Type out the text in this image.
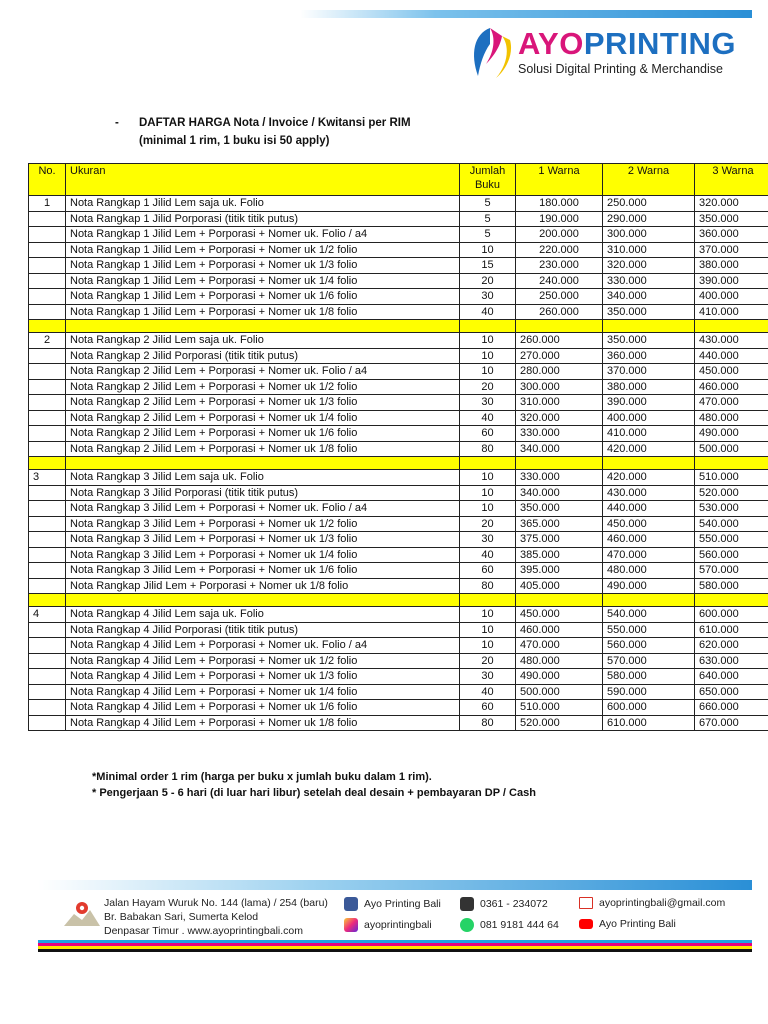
AYOPRINTING
Solusi Digital Printing & Merchandise
- DAFTAR HARGA Nota / Invoice / Kwitansi per RIM
(minimal 1 rim, 1 buku isi 50 apply)
No.	Ukuran	Jumlah Buku	1 Warna	2 Warna	3 Warna
1	Nota Rangkap 1 Jilid Lem saja uk. Folio	5	180.000	250.000	320.000
	Nota Rangkap 1 Jilid Porporasi (titik titik putus)	5	190.000	290.000	350.000
	Nota Rangkap 1 Jilid Lem + Porporasi + Nomer uk. Folio / a4	5	200.000	300.000	360.000
	Nota Rangkap 1 Jilid Lem + Porporasi + Nomer uk 1/2 folio	10	220.000	310.000	370.000
	Nota Rangkap 1 Jilid Lem + Porporasi + Nomer uk 1/3 folio	15	230.000	320.000	380.000
	Nota Rangkap 1 Jilid Lem + Porporasi + Nomer uk 1/4 folio	20	240.000	330.000	390.000
	Nota Rangkap 1 Jilid Lem + Porporasi + Nomer uk 1/6 folio	30	250.000	340.000	400.000
	Nota Rangkap 1 Jilid Lem + Porporasi + Nomer uk 1/8 folio	40	260.000	350.000	410.000

2	Nota Rangkap 2 Jilid Lem saja uk. Folio	10	260.000	350.000	430.000
	Nota Rangkap 2 Jilid Porporasi (titik titik putus)	10	270.000	360.000	440.000
	Nota Rangkap 2 Jilid Lem + Porporasi + Nomer uk. Folio / a4	10	280.000	370.000	450.000
	Nota Rangkap 2 Jilid Lem + Porporasi + Nomer uk 1/2 folio	20	300.000	380.000	460.000
	Nota Rangkap 2 Jilid Lem + Porporasi + Nomer uk 1/3 folio	30	310.000	390.000	470.000
	Nota Rangkap 2 Jilid Lem + Porporasi + Nomer uk 1/4 folio	40	320.000	400.000	480.000
	Nota Rangkap 2 Jilid Lem + Porporasi + Nomer uk 1/6 folio	60	330.000	410.000	490.000
	Nota Rangkap 2 Jilid Lem + Porporasi + Nomer uk 1/8 folio	80	340.000	420.000	500.000

3	Nota Rangkap 3 Jilid Lem saja uk. Folio	10	330.000	420.000	510.000
	Nota Rangkap 3 Jilid Porporasi (titik titik putus)	10	340.000	430.000	520.000
	Nota Rangkap 3 Jilid Lem + Porporasi + Nomer uk. Folio / a4	10	350.000	440.000	530.000
	Nota Rangkap 3 Jilid Lem + Porporasi + Nomer uk 1/2 folio	20	365.000	450.000	540.000
	Nota Rangkap 3 Jilid Lem + Porporasi + Nomer uk 1/3 folio	30	375.000	460.000	550.000
	Nota Rangkap 3 Jilid Lem + Porporasi + Nomer uk 1/4 folio	40	385.000	470.000	560.000
	Nota Rangkap 3 Jilid Lem + Porporasi + Nomer uk 1/6 folio	60	395.000	480.000	570.000
	Nota Rangkap Jilid Lem + Porporasi + Nomer uk 1/8 folio	80	405.000	490.000	580.000

4	Nota Rangkap 4 Jilid Lem saja uk. Folio	10	450.000	540.000	600.000
	Nota Rangkap 4 Jilid Porporasi (titik titik putus)	10	460.000	550.000	610.000
	Nota Rangkap 4 Jilid Lem + Porporasi + Nomer uk. Folio / a4	10	470.000	560.000	620.000
	Nota Rangkap 4 Jilid Lem + Porporasi + Nomer uk 1/2 folio	20	480.000	570.000	630.000
	Nota Rangkap 4 Jilid Lem + Porporasi + Nomer uk 1/3 folio	30	490.000	580.000	640.000
	Nota Rangkap 4 Jilid Lem + Porporasi + Nomer uk 1/4 folio	40	500.000	590.000	650.000
	Nota Rangkap 4 Jilid Lem + Porporasi + Nomer uk 1/6 folio	60	510.000	600.000	660.000
	Nota Rangkap 4 Jilid Lem + Porporasi + Nomer uk 1/8 folio	80	520.000	610.000	670.000
*Minimal order 1 rim (harga per buku x jumlah buku dalam 1 rim).
* Pengerjaan 5 - 6 hari (di luar hari libur) setelah deal desain + pembayaran DP / Cash
Jalan Hayam Wuruk No. 144 (lama) / 254 (baru)
Br. Babakan Sari, Sumerta Kelod
Denpasar Timur . www.ayoprintingbali.com
Ayo Printing Bali
ayoprintingbali
0361 - 234072
081 9181 444 64
ayoprintingbali@gmail.com
Ayo Printing Bali
